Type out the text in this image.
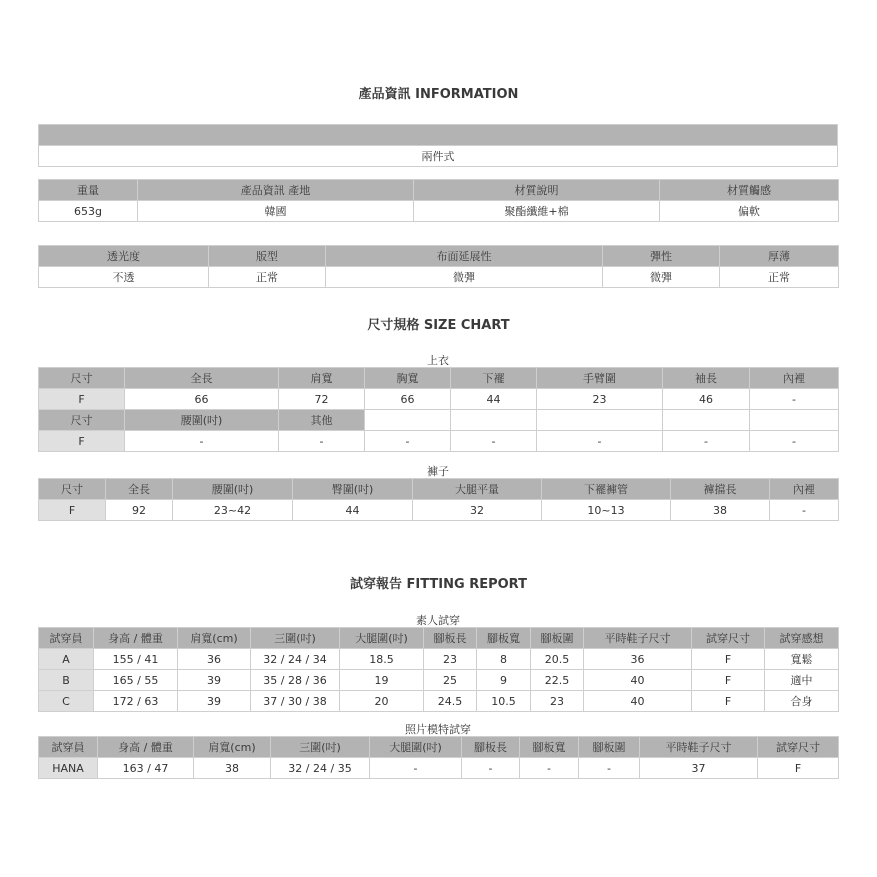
產品資訊 INFORMATION

兩件式
重量	產品資訊 產地	材質說明	材質觸感
653g	韓國	聚酯纖維+棉	偏軟
透光度	版型	布面延展性	彈性	厚薄
不透	正常	微彈	微彈	正常
尺寸規格 SIZE CHART
上衣
尺寸	全長	肩寬	胸寬	下襬	手臂圍	袖長	內裡
F	66	72	66	44	23	46	-
尺寸	腰圍(吋)	其他					
F	-	-	-	-	-	-	-
褲子
尺寸	全長	腰圍(吋)	臀圍(吋)	大腿平量	下襬褲管	褲擋長	內裡
F	92	23~42	44	32	10~13	38	-
試穿報告 FITTING REPORT
素人試穿
試穿員	身高 / 體重	肩寬(cm)	三圍(吋)	大腿圍(吋)	腳板長	腳板寬	腳板圍	平時鞋子尺寸	試穿尺寸	試穿感想
A	155 / 41	36	32 / 24 / 34	18.5	23	8	20.5	36	F	寬鬆
B	165 / 55	39	35 / 28 / 36	19	25	9	22.5	40	F	適中
C	172 / 63	39	37 / 30 / 38	20	24.5	10.5	23	40	F	合身
照片模特試穿
試穿員	身高 / 體重	肩寬(cm)	三圍(吋)	大腿圍(吋)	腳板長	腳板寬	腳板圍	平時鞋子尺寸	試穿尺寸
HANA	163 / 47	38	32 / 24 / 35	-	-	-	-	37	F
